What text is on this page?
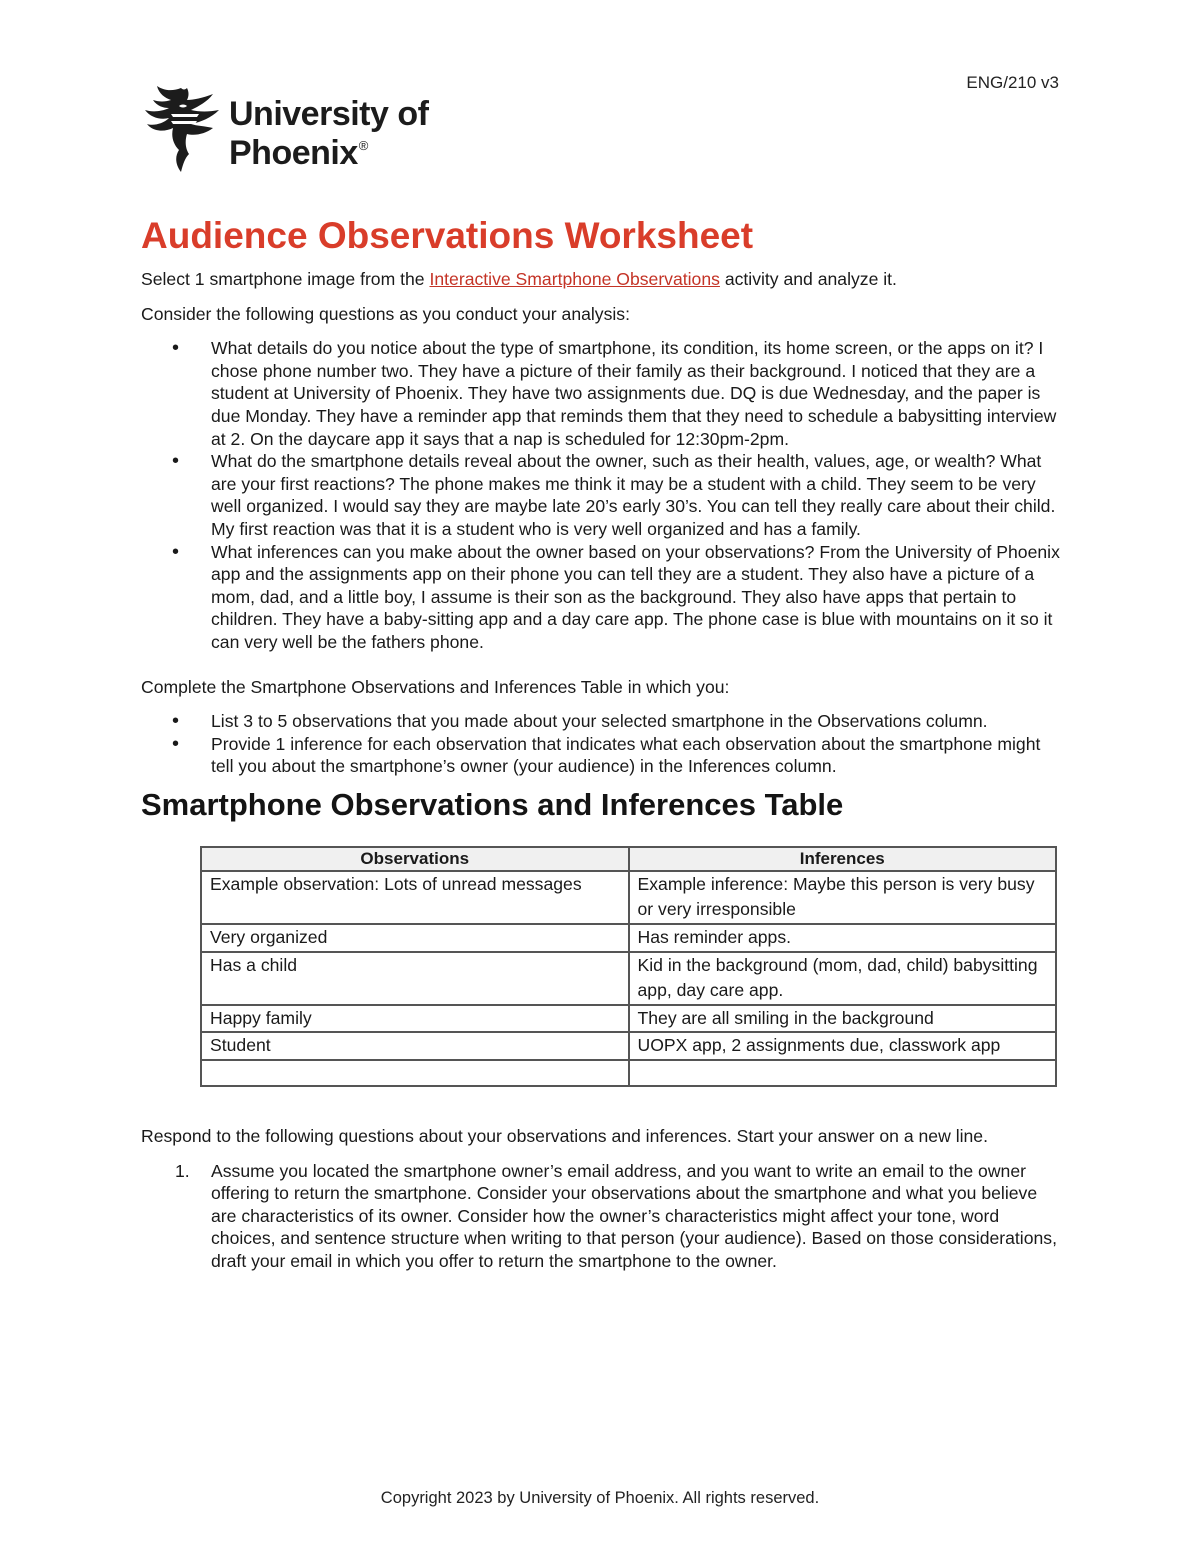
ENG/210 v3
University of Phoenix®
Audience Observations Worksheet

Select 1 smartphone image from the Interactive Smartphone Observations activity and analyze it.

Consider the following questions as you conduct your analysis:

• What details do you notice about the type of smartphone, its condition, its home screen, or the apps on it? I chose phone number two. They have a picture of their family as their background. I noticed that they are a student at University of Phoenix. They have two assignments due. DQ is due Wednesday, and the paper is due Monday. They have a reminder app that reminds them that they need to schedule a babysitting interview at 2. On the daycare app it says that a nap is scheduled for 12:30pm-2pm.
• What do the smartphone details reveal about the owner, such as their health, values, age, or wealth? What are your first reactions? The phone makes me think it may be a student with a child. They seem to be very well organized. I would say they are maybe late 20’s early 30’s. You can tell they really care about their child. My first reaction was that it is a student who is very well organized and has a family.
• What inferences can you make about the owner based on your observations? From the University of Phoenix app and the assignments app on their phone you can tell they are a student. They also have a picture of a mom, dad, and a little boy, I assume is their son as the background. They also have apps that pertain to children. They have a baby-sitting app and a day care app. The phone case is blue with mountains on it so it can very well be the fathers phone.

Complete the Smartphone Observations and Inferences Table in which you:

• List 3 to 5 observations that you made about your selected smartphone in the Observations column.
• Provide 1 inference for each observation that indicates what each observation about the smartphone might tell you about the smartphone’s owner (your audience) in the Inferences column.
Smartphone Observations and Inferences Table
Observations	Inferences
Example observation: Lots of unread messages	Example inference: Maybe this person is very busy or very irresponsible
Very organized	Has reminder apps.
Has a child	Kid in the background (mom, dad, child) babysitting app, day care app.
Happy family	They are all smiling in the background
Student	UOPX app, 2 assignments due, classwork app

Respond to the following questions about your observations and inferences. Start your answer on a new line.

1. Assume you located the smartphone owner’s email address, and you want to write an email to the owner offering to return the smartphone. Consider your observations about the smartphone and what you believe are characteristics of its owner. Consider how the owner’s characteristics might affect your tone, word choices, and sentence structure when writing to that person (your audience). Based on those considerations, draft your email in which you offer to return the smartphone to the owner.
Copyright 2023 by University of Phoenix. All rights reserved.
